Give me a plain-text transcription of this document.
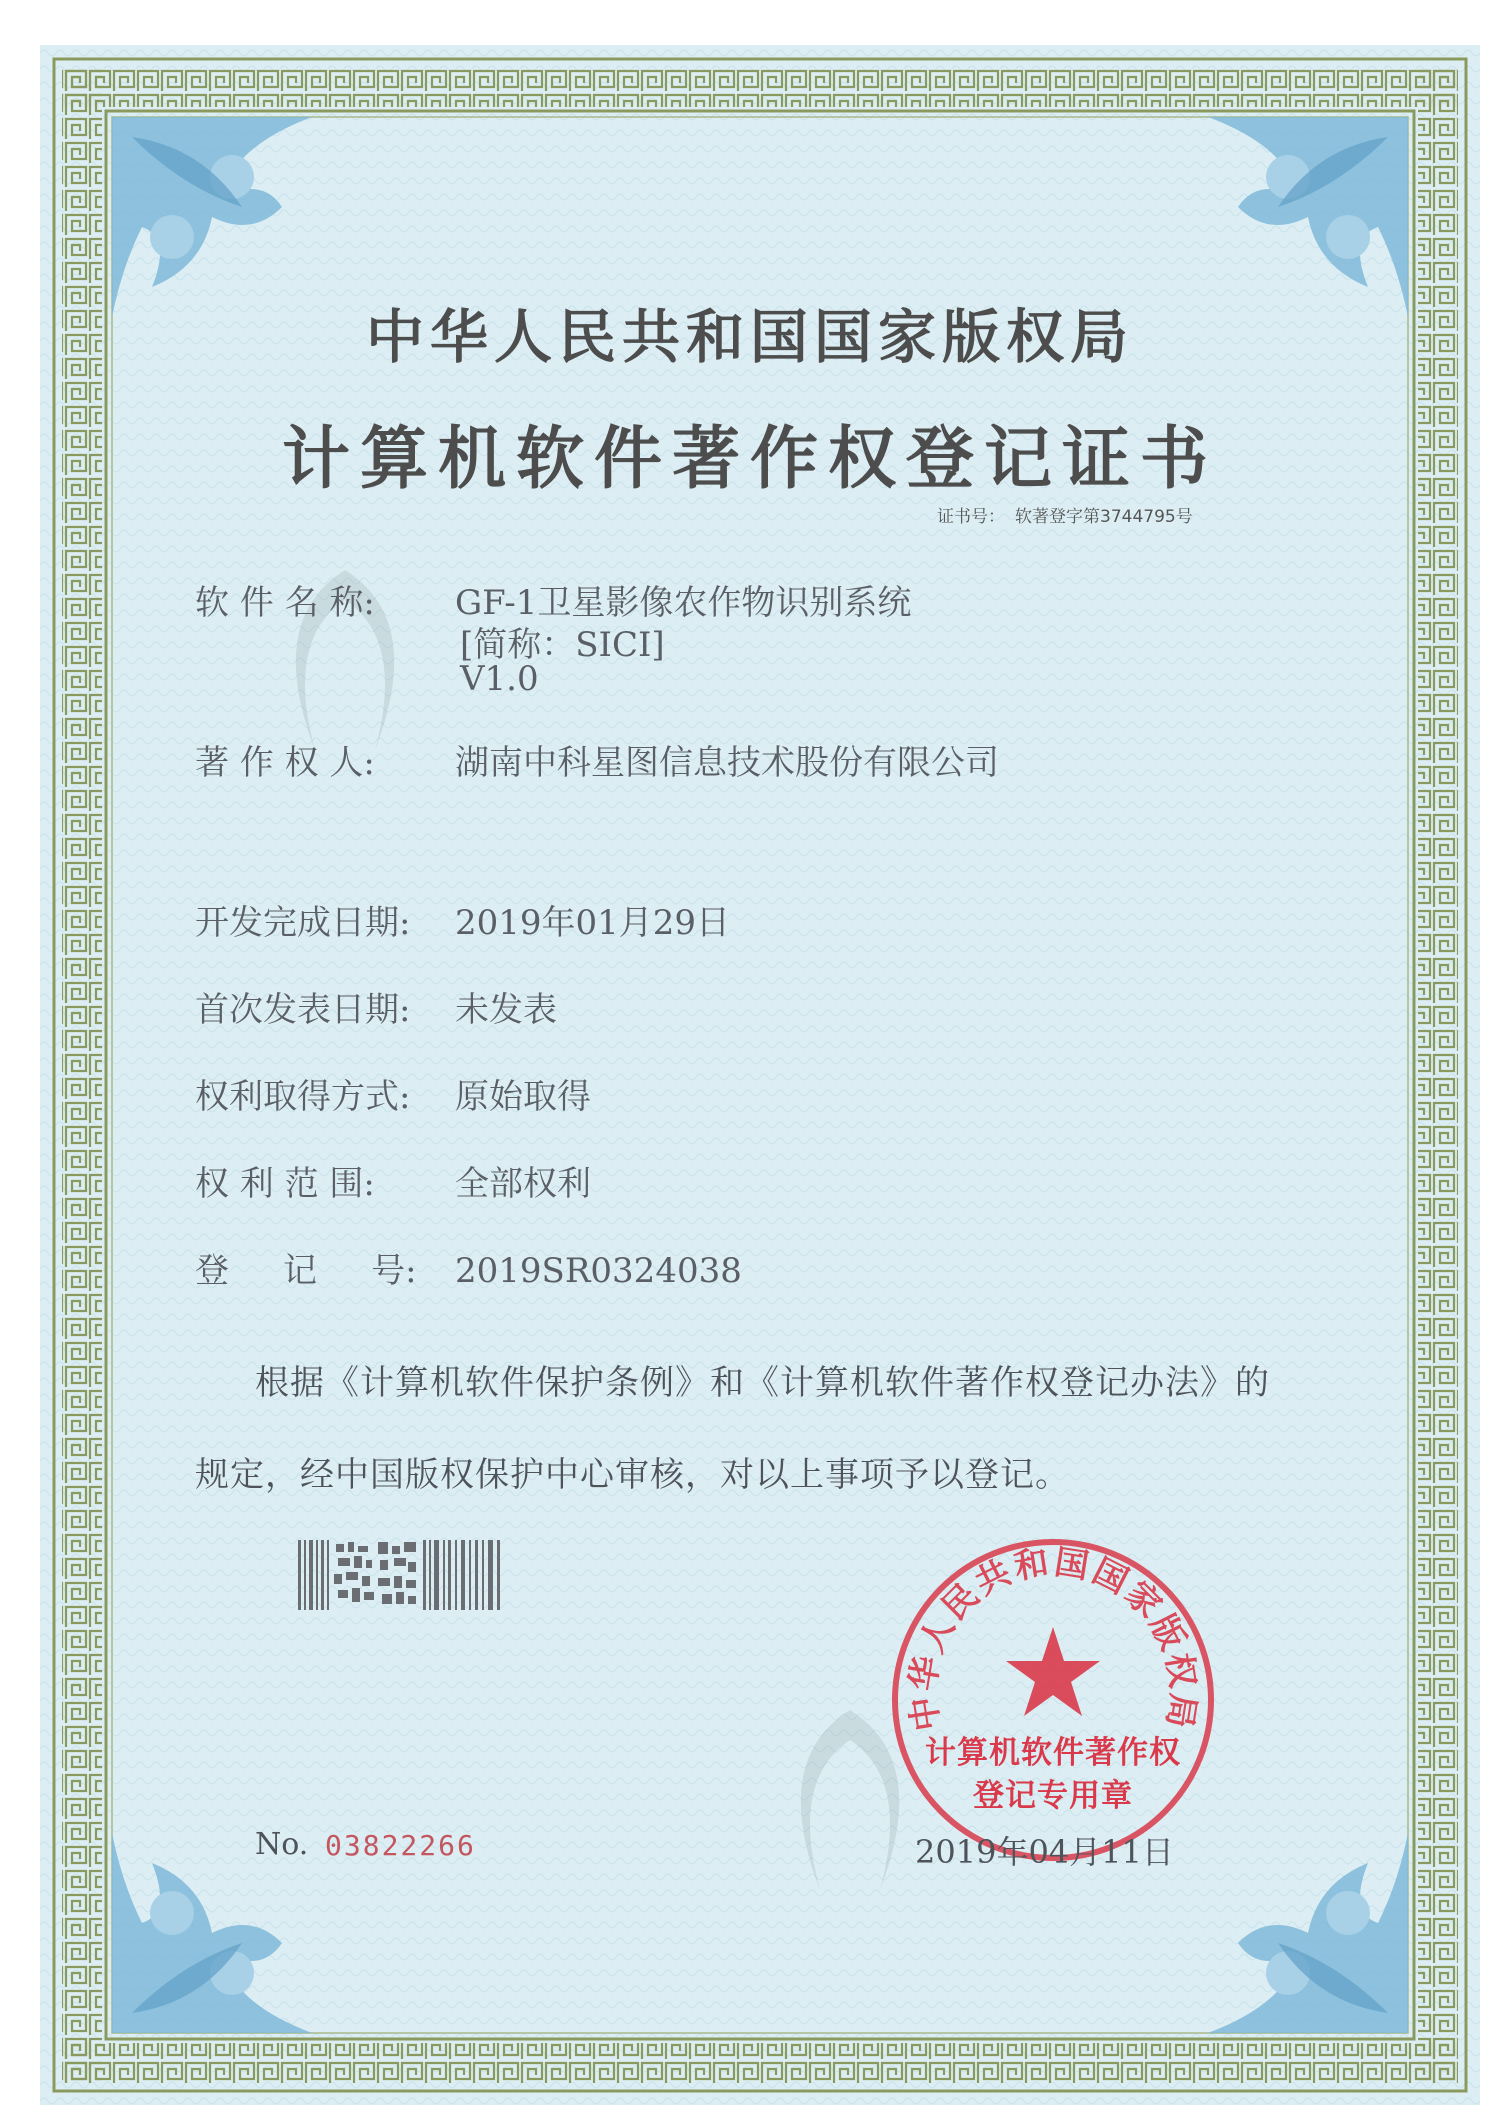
中华人民共和国国家版权局
计算机软件著作权登记证书
证书号： 软著登字第3744795号
软 件 名 称: GF-1卫星影像农作物识别系统
[简称：SICI]
V1.0
著 作 权 人: 湖南中科星图信息技术股份有限公司
开发完成日期: 2019年01月29日
首次发表日期: 未发表
权利取得方式: 原始取得
权 利 范 围: 全部权利
登     记     号: 2019SR0324038
根据《计算机软件保护条例》和《计算机软件著作权登记办法》的
规定，经中国版权保护中心审核，对以上事项予以登记。
中华人民共和国国家版权局
计算机软件著作权
登记专用章
No. 03822266	2019年04月11日
